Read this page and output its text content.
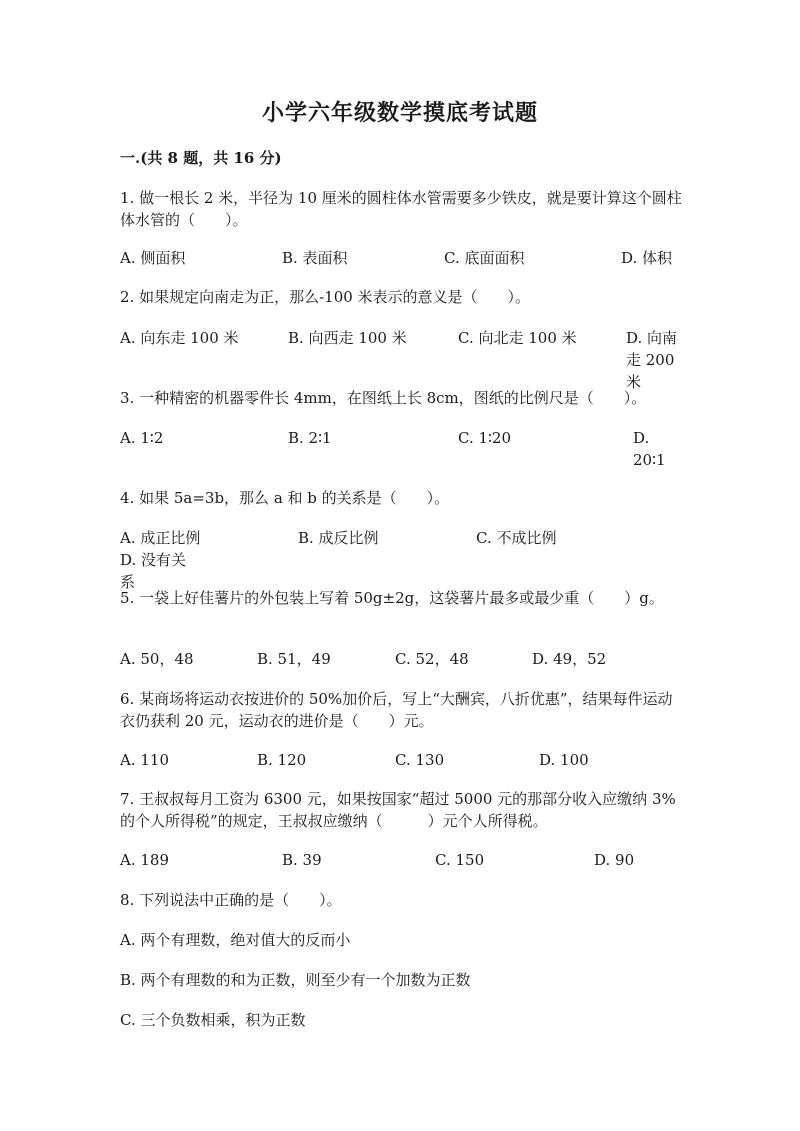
小学六年级数学摸底考试题
一.(共 8 题，共 16 分)
1. 做一根长 2 米，半径为 10 厘米的圆柱体水管需要多少铁皮，就是要计算这个圆柱体水管的（　　）。
A. 侧面积	B. 表面积	C. 底面面积	D. 体积
2. 如果规定向南走为正，那么-100 米表示的意义是（　　）。
A. 向东走 100 米	B. 向西走 100 米	C. 向北走 100 米	D. 向南走 200 米
3. 一种精密的机器零件长 4mm，在图纸上长 8cm，图纸的比例尺是（　　）。
A. 1∶2	B. 2∶1	C. 1∶20	D. 20∶1
4. 如果 5a=3b，那么 a 和 b 的关系是（　　）。
A. 成正比例	B. 成反比例	C. 不成比例
D. 没有关系
5. 一袋上好佳薯片的外包装上写着 50g±2g，这袋薯片最多或最少重（　　）g。
A. 50，48	B. 51，49	C. 52，48	D. 49，52
6. 某商场将运动衣按进价的 50%加价后，写上“大酬宾，八折优惠”，结果每件运动衣仍获利 20 元，运动衣的进价是（　　）元。
A. 110	B. 120	C. 130	D. 100
7. 王叔叔每月工资为 6300 元，如果按国家“超过 5000 元的那部分收入应缴纳 3%的个人所得税”的规定，王叔叔应缴纳（　　　）元个人所得税。
A. 189	B. 39	C. 150	D. 90
8. 下列说法中正确的是（　　）。
A. 两个有理数，绝对值大的反而小
B. 两个有理数的和为正数，则至少有一个加数为正数
C. 三个负数相乘，积为正数
